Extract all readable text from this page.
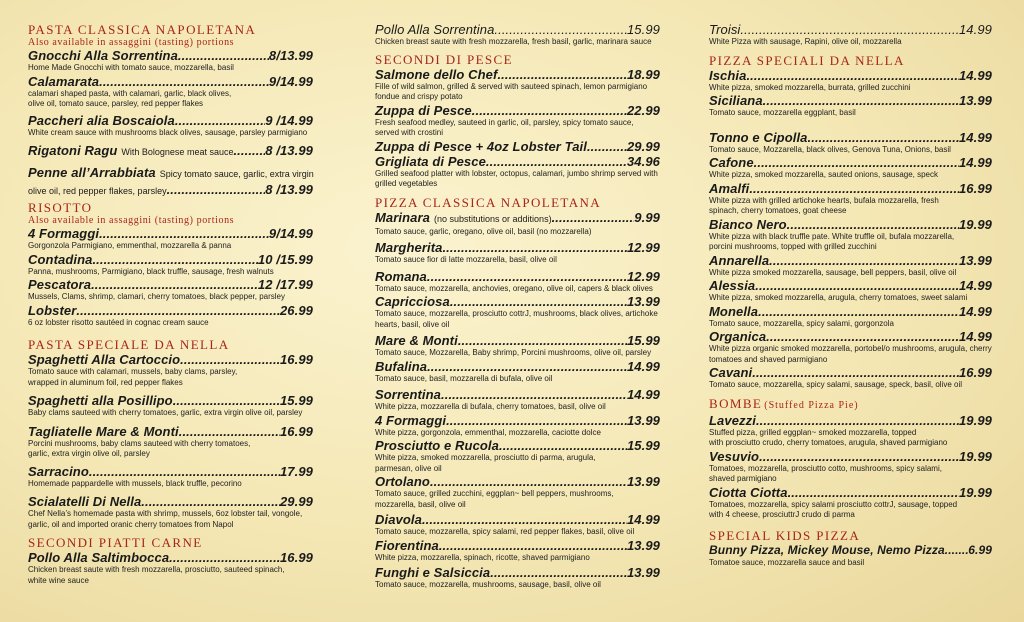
PASTA CLASSICA NAPOLETANA
Also available in assaggini (tasting) portions
Gnocchi Alla Sorrentina .....	8/13.99
Home Made Gnocchi with tomato sauce, mozzarella, basil
Calamarata .....	9/14.99
calamari shaped pasta, with calamari, garlic, black olives,
olive oil, tomato sauce, parsley, red pepper flakes
Paccheri alia Boscaiola .....	9 /14.99
White cream sauce with mushrooms black olives, sausage, parsley parmigiano
Rigatoni Ragu With Bolognese meat sauce ..... 8 /13.99
Penne all’Arrabbiata Spicy tomato sauce, garlic, extra virgin
olive oil, red pepper flakes, parsley .....	8 /13.99
RISOTTO
Also available in assaggini (tasting) portions
4 Formaggi .....	9/14.99
Gorgonzola Parmigiano, emmenthal, mozzarella & panna
Contadina .....	10 /15.99
Panna, mushrooms, Parmigiano, black truffle, sausage, fresh walnuts
Pescatora .....	12 /17.99
Mussels, Clams, shrimp, clamari, cherry tomatoes, black pepper, parsley
Lobster .....	26.99
6 oz lobster risotto sautéed in cognac cream sauce
PASTA SPECIALE DA NELLA
Spaghetti Alla Cartoccio .....	16.99
Tomato sauce with calamari, mussels, baby clams, parsley,
wrapped in aluminum foil, red pepper flakes
Spaghetti alla Posillipo .....	15.99
Baby clams sauteed with cherry tomatoes, garlic, extra virgin olive oil, parsley
Tagliatelle Mare & Monti .....	16.99
Porcini mushrooms, baby clams sauteed with cherry tomatoes,
garlic, extra virgin olive oil, parsley
Sarracino .....	17.99
Homemade pappardelle with mussels, black truffle, pecorino
Scialatelli Di Nella .....	29.99
Chef Nella’s homemade pasta with shrimp, mussels, 6oz lobster tail, vongole,
garlic, oil and imported oranic cherry tomatoes from Napol
SECONDI PIATTI CARNE
Pollo Alla Saltimbocca .....	16.99
Chicken breast saute with fresh mozzarella, prosciutto, sauteed spinach,
white wine sauce
Pollo Alla Sorrentina .....	15.99
Chicken breast saute with fresh mozzarella, fresh basil, garlic, marinara sauce
SECONDI DI PESCE
Salmone dello Chef .....	18.99
Fille of wild salmon, grilled & served with sauteed spinach, lemon parmigiano
fondue and crispy potato
Zuppa di Pesce .....	22.99
Fresh seafood medley, sauteed in garlic, oil, parsley, spicy tomato sauce,
served with crostini
Zuppa di Pesce + 4oz Lobster Tail .....	29.99
Grigliata di Pesce .....	34.96
Grilled seafood platter with lobster, octopus, calamari, jumbo shrimp served with
grilled vegetables
PIZZA CLASSICA NAPOLETANA
Marinara (no substitutions or additions) .....	9.99
Tomato sauce, garlic, oregano, olive oil, basil (no mozzarella)
Margherita .....	12.99
Tomato sauce fior di latte mozzarella, basil, olive oil
Romana .....	12.99
Tomato sauce, mozzarella, anchovies, oregano, olive oil, capers & black olives
Capricciosa .....	13.99
Tomato sauce, mozzarella, prosciutto cottrJ, mushrooms, black olives, artichoke
hearts, basil, olive oil
Mare & Monti .....	15.99
Tomato sauce, Mozzarella, Baby shrimp, Porcini mushrooms, olive oil, parsley
Bufalina .....	14.99
Tomato sauce, basil, mozzarella di bufala, olive oil
Sorrentina .....	14.99
White pizza, mozzarella di bufala, cherry tomatoes, basil, olive oil
4 Formaggi .....	13.99
White pizza, gorgonzola, emmenthal, mozzarella, caciotte dolce
Prosciutto e Rucola .....	15.99
White pizza, smoked mozzarella, prosciutto di parma, arugula,
parmesan, olive oil
Ortolano .....	13.99
Tomato sauce, grilled zucchini, eggplan~ bell peppers, mushrooms,
mozzarella, basil, olive oil
Diavola .....	14.99
Tomato sauce, mozzarella, spicy salami, red pepper flakes, basil, olive oil
Fiorentina .....	13.99
White pizza, mozzarella, spinach, ricotte, shaved parmigiano
Funghi e Salsiccia .....	13.99
Tomato sauce, mozzarella, mushrooms, sausage, basil, olive oil
Troisi .....	14.99
White Pizza with sausage, Rapini, olive oil, mozzarella
PIZZA SPECIALI DA NELLA
Ischia .....	14.99
White pizza, smoked mozzarella, burrata, grilled zucchini
Siciliana .....	13.99
Tomato sauce, mozzarella eggplant, basil
Tonno e Cipolla .....	14.99
Tomato sauce, Mozzarella, black olives, Genova Tuna, Onions, basil
Cafone .....	14.99
White pizza, smoked mozzarella, sauted onions, sausage, speck
Amalfi .....	16.99
White pizza with grilled artichoke hearts, bufala mozzarella, fresh
spinach, cherry tomatoes, goat cheese
Bianco Nero .....	19.99
White pizza with black truffle pate. White truffle oil, bufala mozzarella,
porcini mushrooms, topped with grilled zucchini
Annarella .....	13.99
White pizza smoked mozzarella, sausage, bell peppers, basil, olive oil
Alessia .....	14.99
White pizza, smoked mozzarella, arugula, cherry tomatoes, sweet salami
Monella .....	14.99
Tomato sauce, mozzarella, spicy salami, gorgonzola
Organica .....	14.99
White pizza organic smoked mozzarella, portobel/o mushrooms, arugula, cherry
tomatoes and shaved parmigiano
Cavani .....	16.99
Tomato sauce, mozzarella, spicy salami, sausage, speck, basil, olive oil
BOMBE (Stuffed Pizza Pie)
Lavezzi .....	19.99
Stuffed pizza, grilled eggplan~ smoked mozzarella, topped
with prosciutto crudo, cherry tomatoes, arugula, shaved parmigiano
Vesuvio .....	19.99
Tomatoes, mozzarella, prosciutto cotto, mushrooms, spicy salami,
shaved parmigiano
Ciotta Ciotta .....	19.99
Tomatoes, mozzarella, spicy salami prosciutto cottrJ, sausage, topped
with 4 cheese, prosciuttrJ crudo di parma
SPECIAL KIDS PIZZA
Bunny Pizza, Mickey Mouse, Nemo Pizza ..... 6.99
Tomatoe sauce, mozzarella sauce and basil
